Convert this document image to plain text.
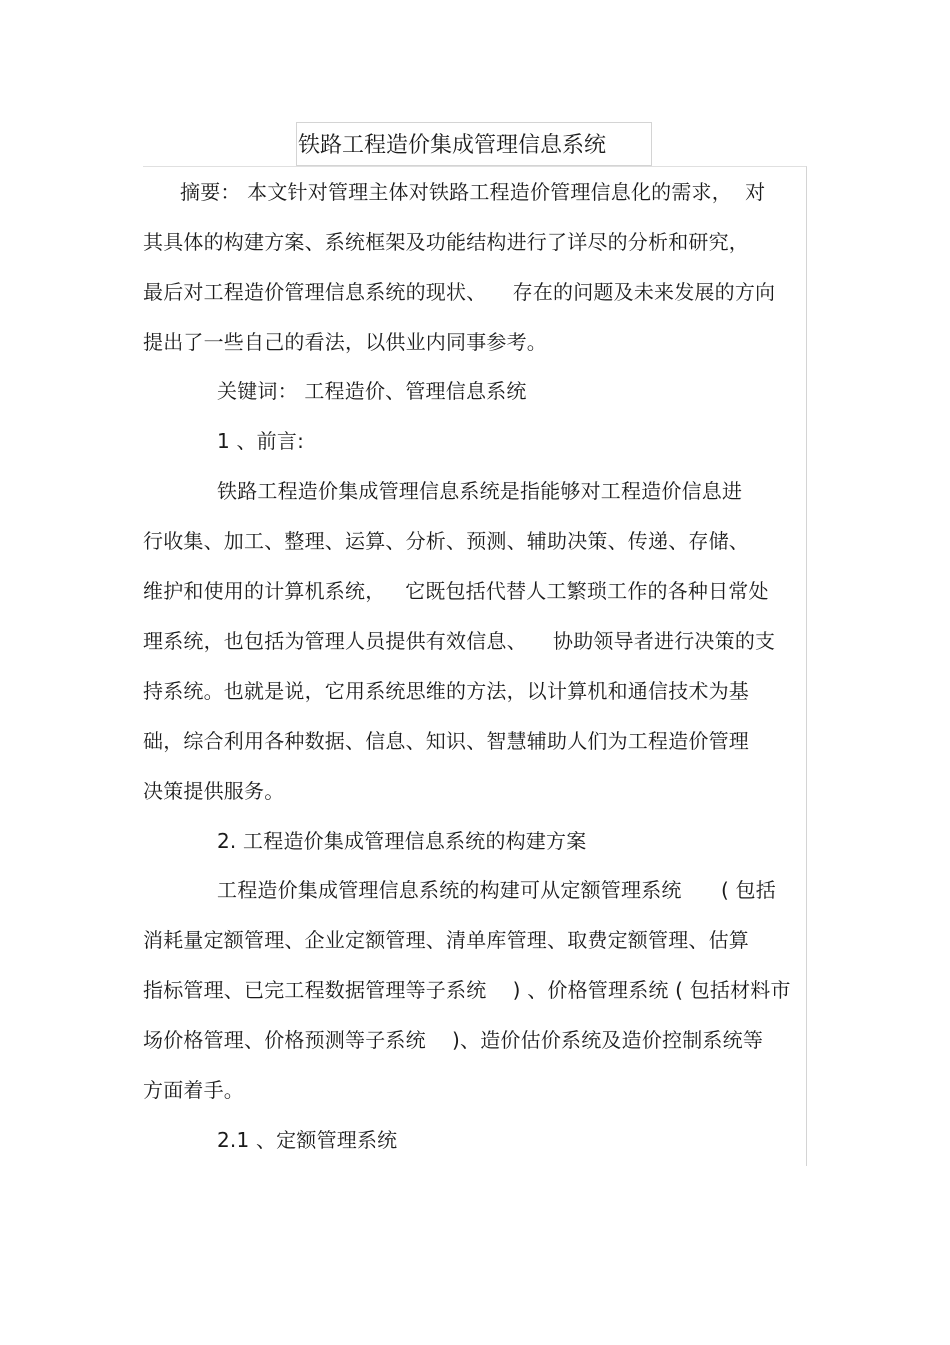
铁路工程造价集成管理信息系统
摘要： 本文针对管理主体对铁路工程造价管理信息化的需求，  对
其具体的构建方案、系统框架及功能结构进行了详尽的分析和研究，
最后对工程造价管理信息系统的现状、    存在的问题及未来发展的方向
提出了一些自己的看法，以供业内同事参考。
关键词： 工程造价、管理信息系统
1 、前言:
铁路工程造价集成管理信息系统是指能够对工程造价信息进
行收集、加工、整理、运算、分析、预测、辅助决策、传递、存储、
维护和使用的计算机系统，   它既包括代替人工繁琐工作的各种日常处
理系统，也包括为管理人员提供有效信息、    协助领导者进行决策的支
持系统。也就是说，它用系统思维的方法，以计算机和通信技术为基
础，综合利用各种数据、信息、知识、智慧辅助人们为工程造价管理
决策提供服务。
2. 工程造价集成管理信息系统的构建方案
工程造价集成管理信息系统的构建可从定额管理系统      ( 包括
消耗量定额管理、企业定额管理、清单库管理、取费定额管理、估算
指标管理、已完工程数据管理等子系统    ) 、价格管理系统 ( 包括材料市
场价格管理、价格预测等子系统    )、造价估价系统及造价控制系统等
方面着手。
2.1 、定额管理系统
